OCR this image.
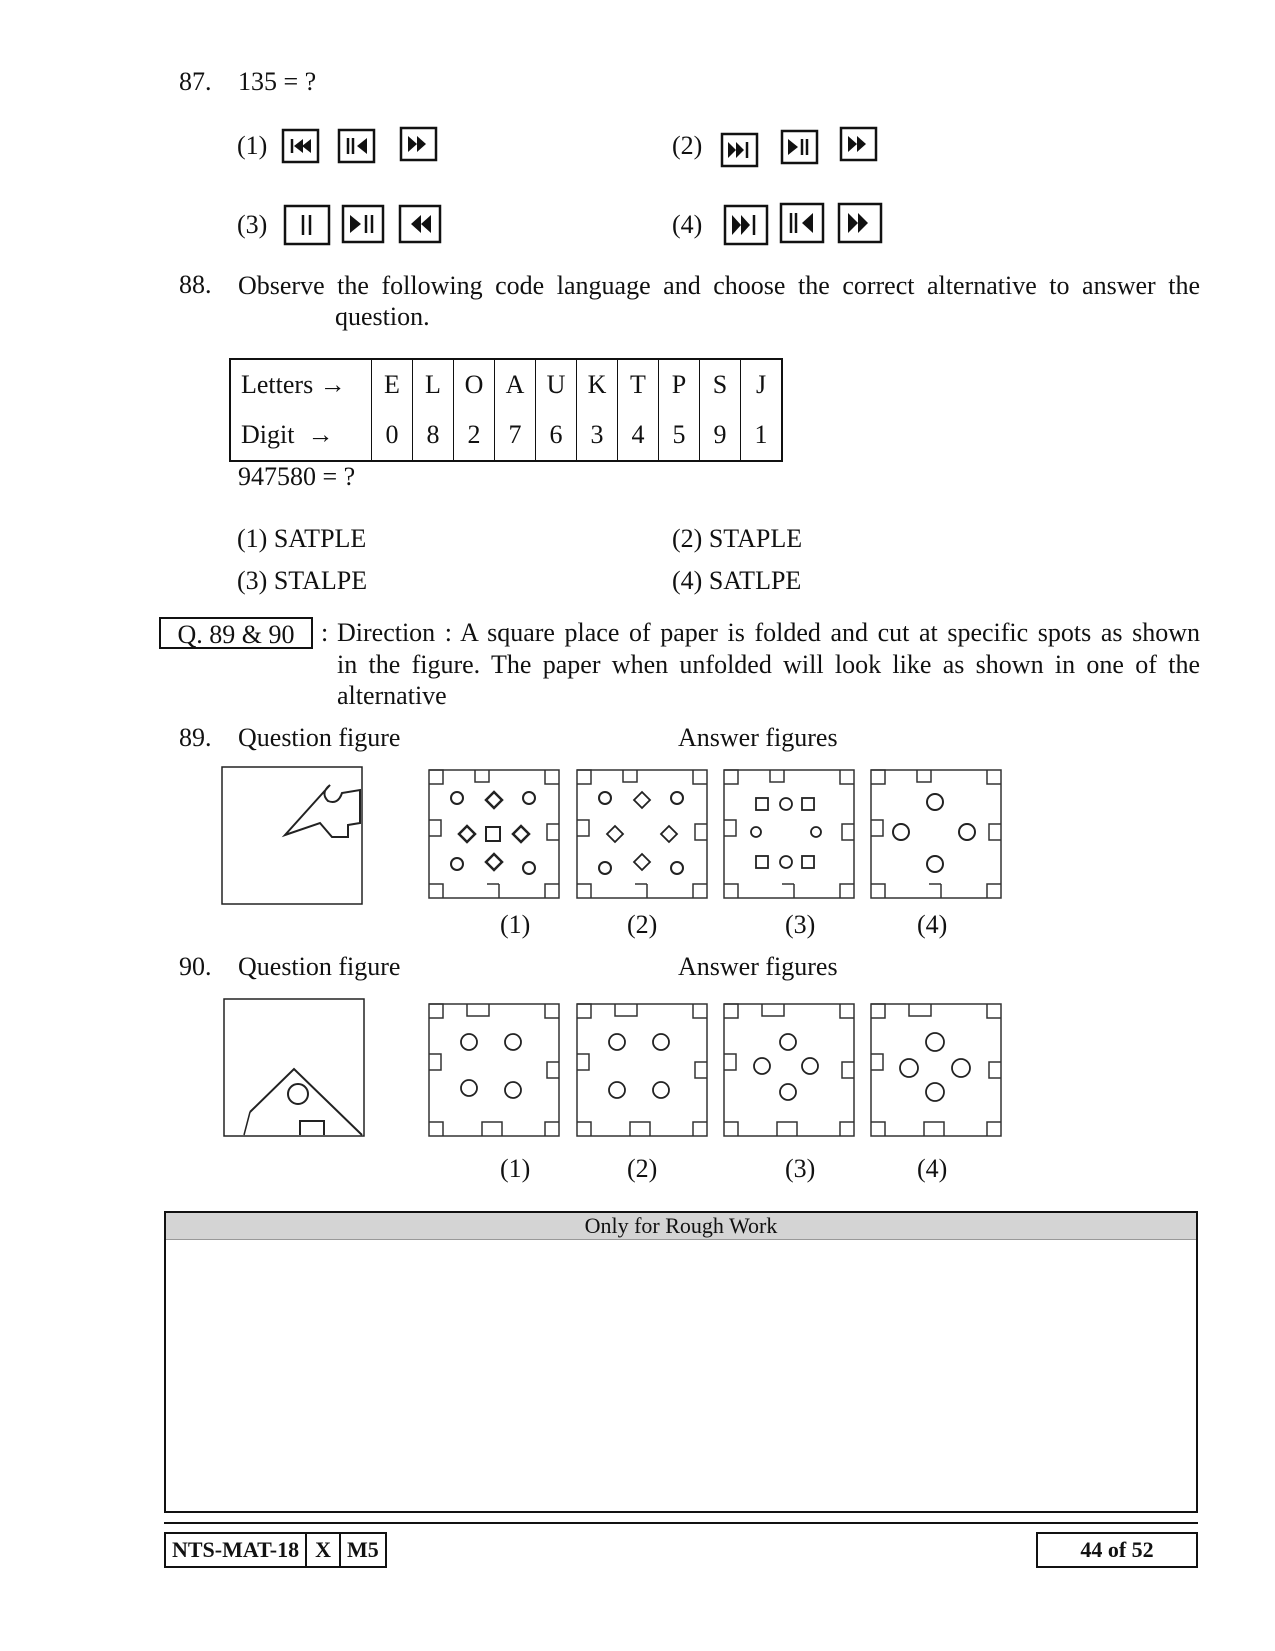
87. 135 = ?
(1)	(2)
(3)	(4)
88. Observe the following code language and choose the correct alternative to answer the
question.
Letters →	E	L	O	A	U	K	T	P	S	J
Digit  →	0	8	2	7	6	3	4	5	9	1
947580 = ?
(1) SATPLE	(2) STAPLE
(3) STALPE	(4) SATLPE
Q. 89 & 90	: Direction : A square place of paper is folded and cut at specific spots as shown
in the figure. The paper when unfolded will look like as shown in one of the
alternative
89. Question figure	Answer figures
(1)	(2)	(3)	(4)
90. Question figure	Answer figures
(1)	(2)	(3)	(4)
Only for Rough Work
NTS-MAT-18 X M5	44 of 52
